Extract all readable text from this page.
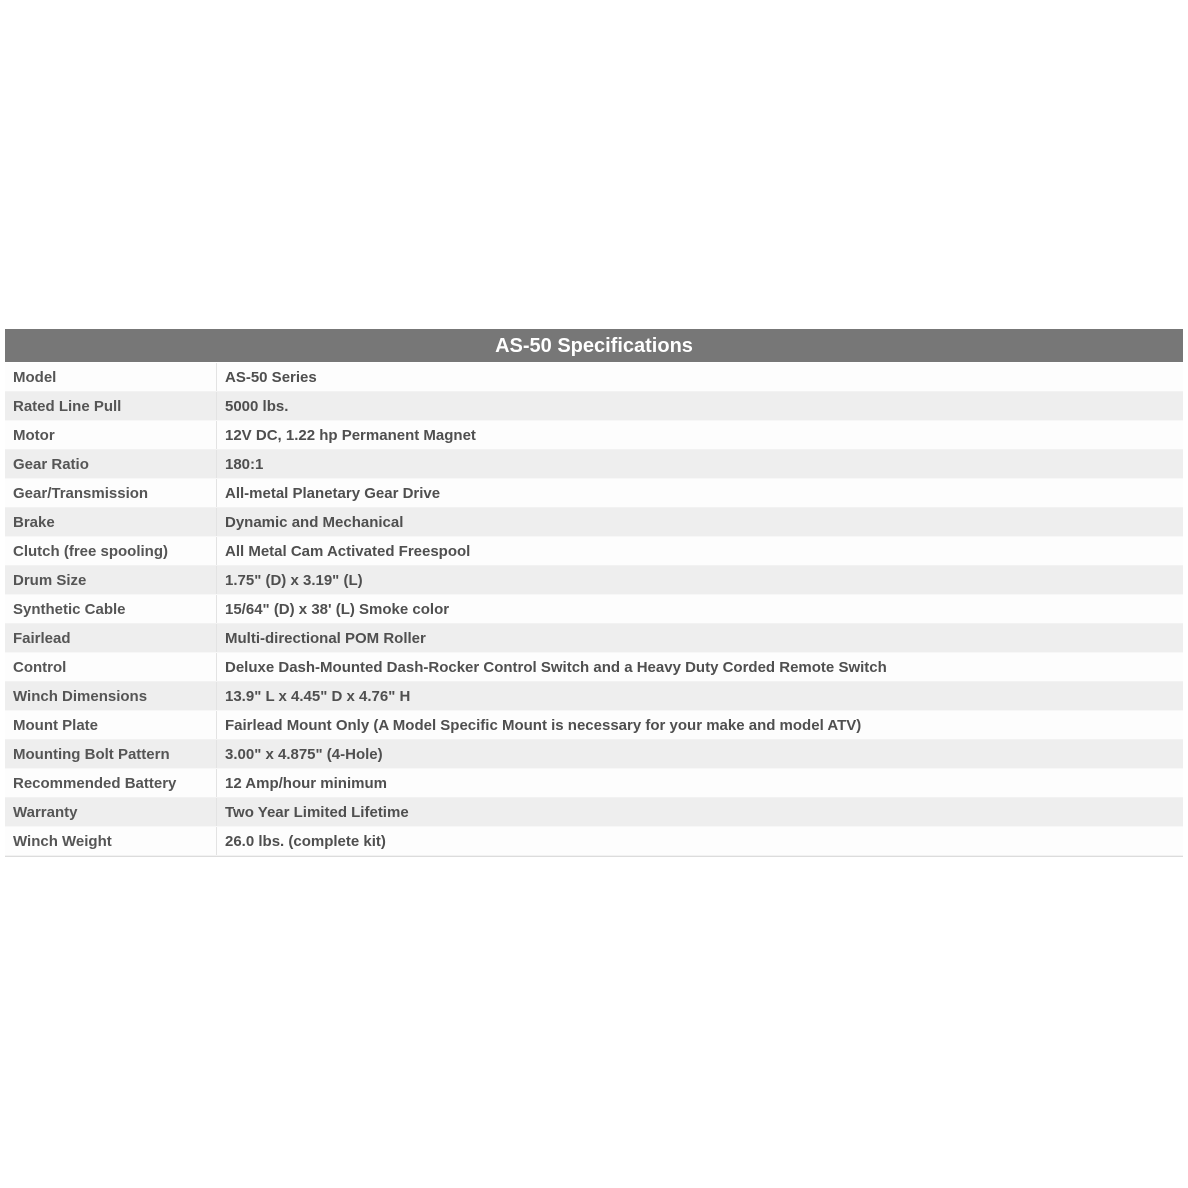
AS-50 Specifications
Model	AS-50 Series
Rated Line Pull	5000 lbs.
Motor	12V DC, 1.22 hp Permanent Magnet
Gear Ratio	180:1
Gear/Transmission	All-metal Planetary Gear Drive
Brake	Dynamic and Mechanical
Clutch (free spooling)	All Metal Cam Activated Freespool
Drum Size	1.75" (D) x 3.19" (L)
Synthetic Cable	15/64" (D) x 38' (L) Smoke color
Fairlead	Multi-directional POM Roller
Control	Deluxe Dash-Mounted Dash-Rocker Control Switch and a Heavy Duty Corded Remote Switch
Winch Dimensions	13.9" L x 4.45" D x 4.76" H
Mount Plate	Fairlead Mount Only (A Model Specific Mount is necessary for your make and model ATV)
Mounting Bolt Pattern	3.00" x 4.875" (4-Hole)
Recommended Battery	12 Amp/hour minimum
Warranty	Two Year Limited Lifetime
Winch Weight	26.0 lbs. (complete kit)
